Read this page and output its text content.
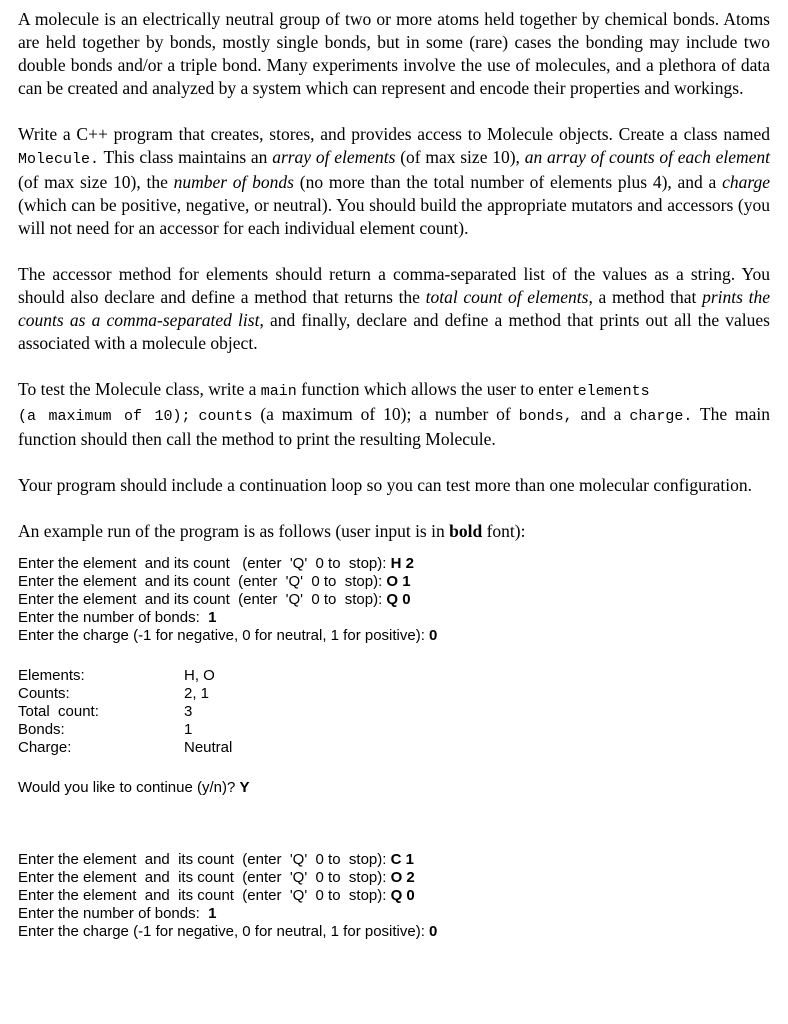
A molecule is an electrically neutral group of two or more atoms held together by chemical bonds. Atoms are held together by bonds, mostly single bonds, but in some (rare) cases the bonding may include two double bonds and/or a triple bond. Many experiments involve the use of molecules, and a plethora of data can be created and analyzed by a system which can represent and encode their properties and workings.

Write a C++ program that creates, stores, and provides access to Molecule objects. Create a class named Molecule. This class maintains an array of elements (of max size 10), an array of counts of each element (of max size 10), the number of bonds (no more than the total number of elements plus 4), and a charge (which can be positive, negative, or neutral). You should build the appropriate mutators and accessors (you will not need for an accessor for each individual element count).

The accessor method for elements should return a comma-separated list of the values as a string. You should also declare and define a method that returns the total count of elements, a method that prints the counts as a comma-separated list, and finally, declare and define a method that prints out all the values associated with a molecule object.

To test the Molecule class, write a main function which allows the user to enter elements
(a maximum of 10); counts (a maximum of 10); a number of bonds, and a charge. The main function should then call the method to print the resulting Molecule.

Your program should include a continuation loop so you can test more than one molecular configuration.

An example run of the program is as follows (user input is in bold font):

Enter the element  and its count   (enter  'Q'  0 to  stop): H 2
Enter the element  and its count  (enter  'Q'  0 to  stop): O 1
Enter the element  and its count  (enter  'Q'  0 to  stop): Q 0
Enter the number of bonds:  1
Enter the charge (-1 for negative, 0 for neutral, 1 for positive): 0
Elements:	H, O
Counts:	2, 1
Total  count:	3
Bonds:	1
Charge:	Neutral
Would you like to continue (y/n)? Y
Enter the element  and  its count  (enter  'Q'  0 to  stop): C 1
Enter the element  and  its count  (enter  'Q'  0 to  stop): O 2
Enter the element  and  its count  (enter  'Q'  0 to  stop): Q 0
Enter the number of bonds:  1
Enter the charge (-1 for negative, 0 for neutral, 1 for positive): 0
